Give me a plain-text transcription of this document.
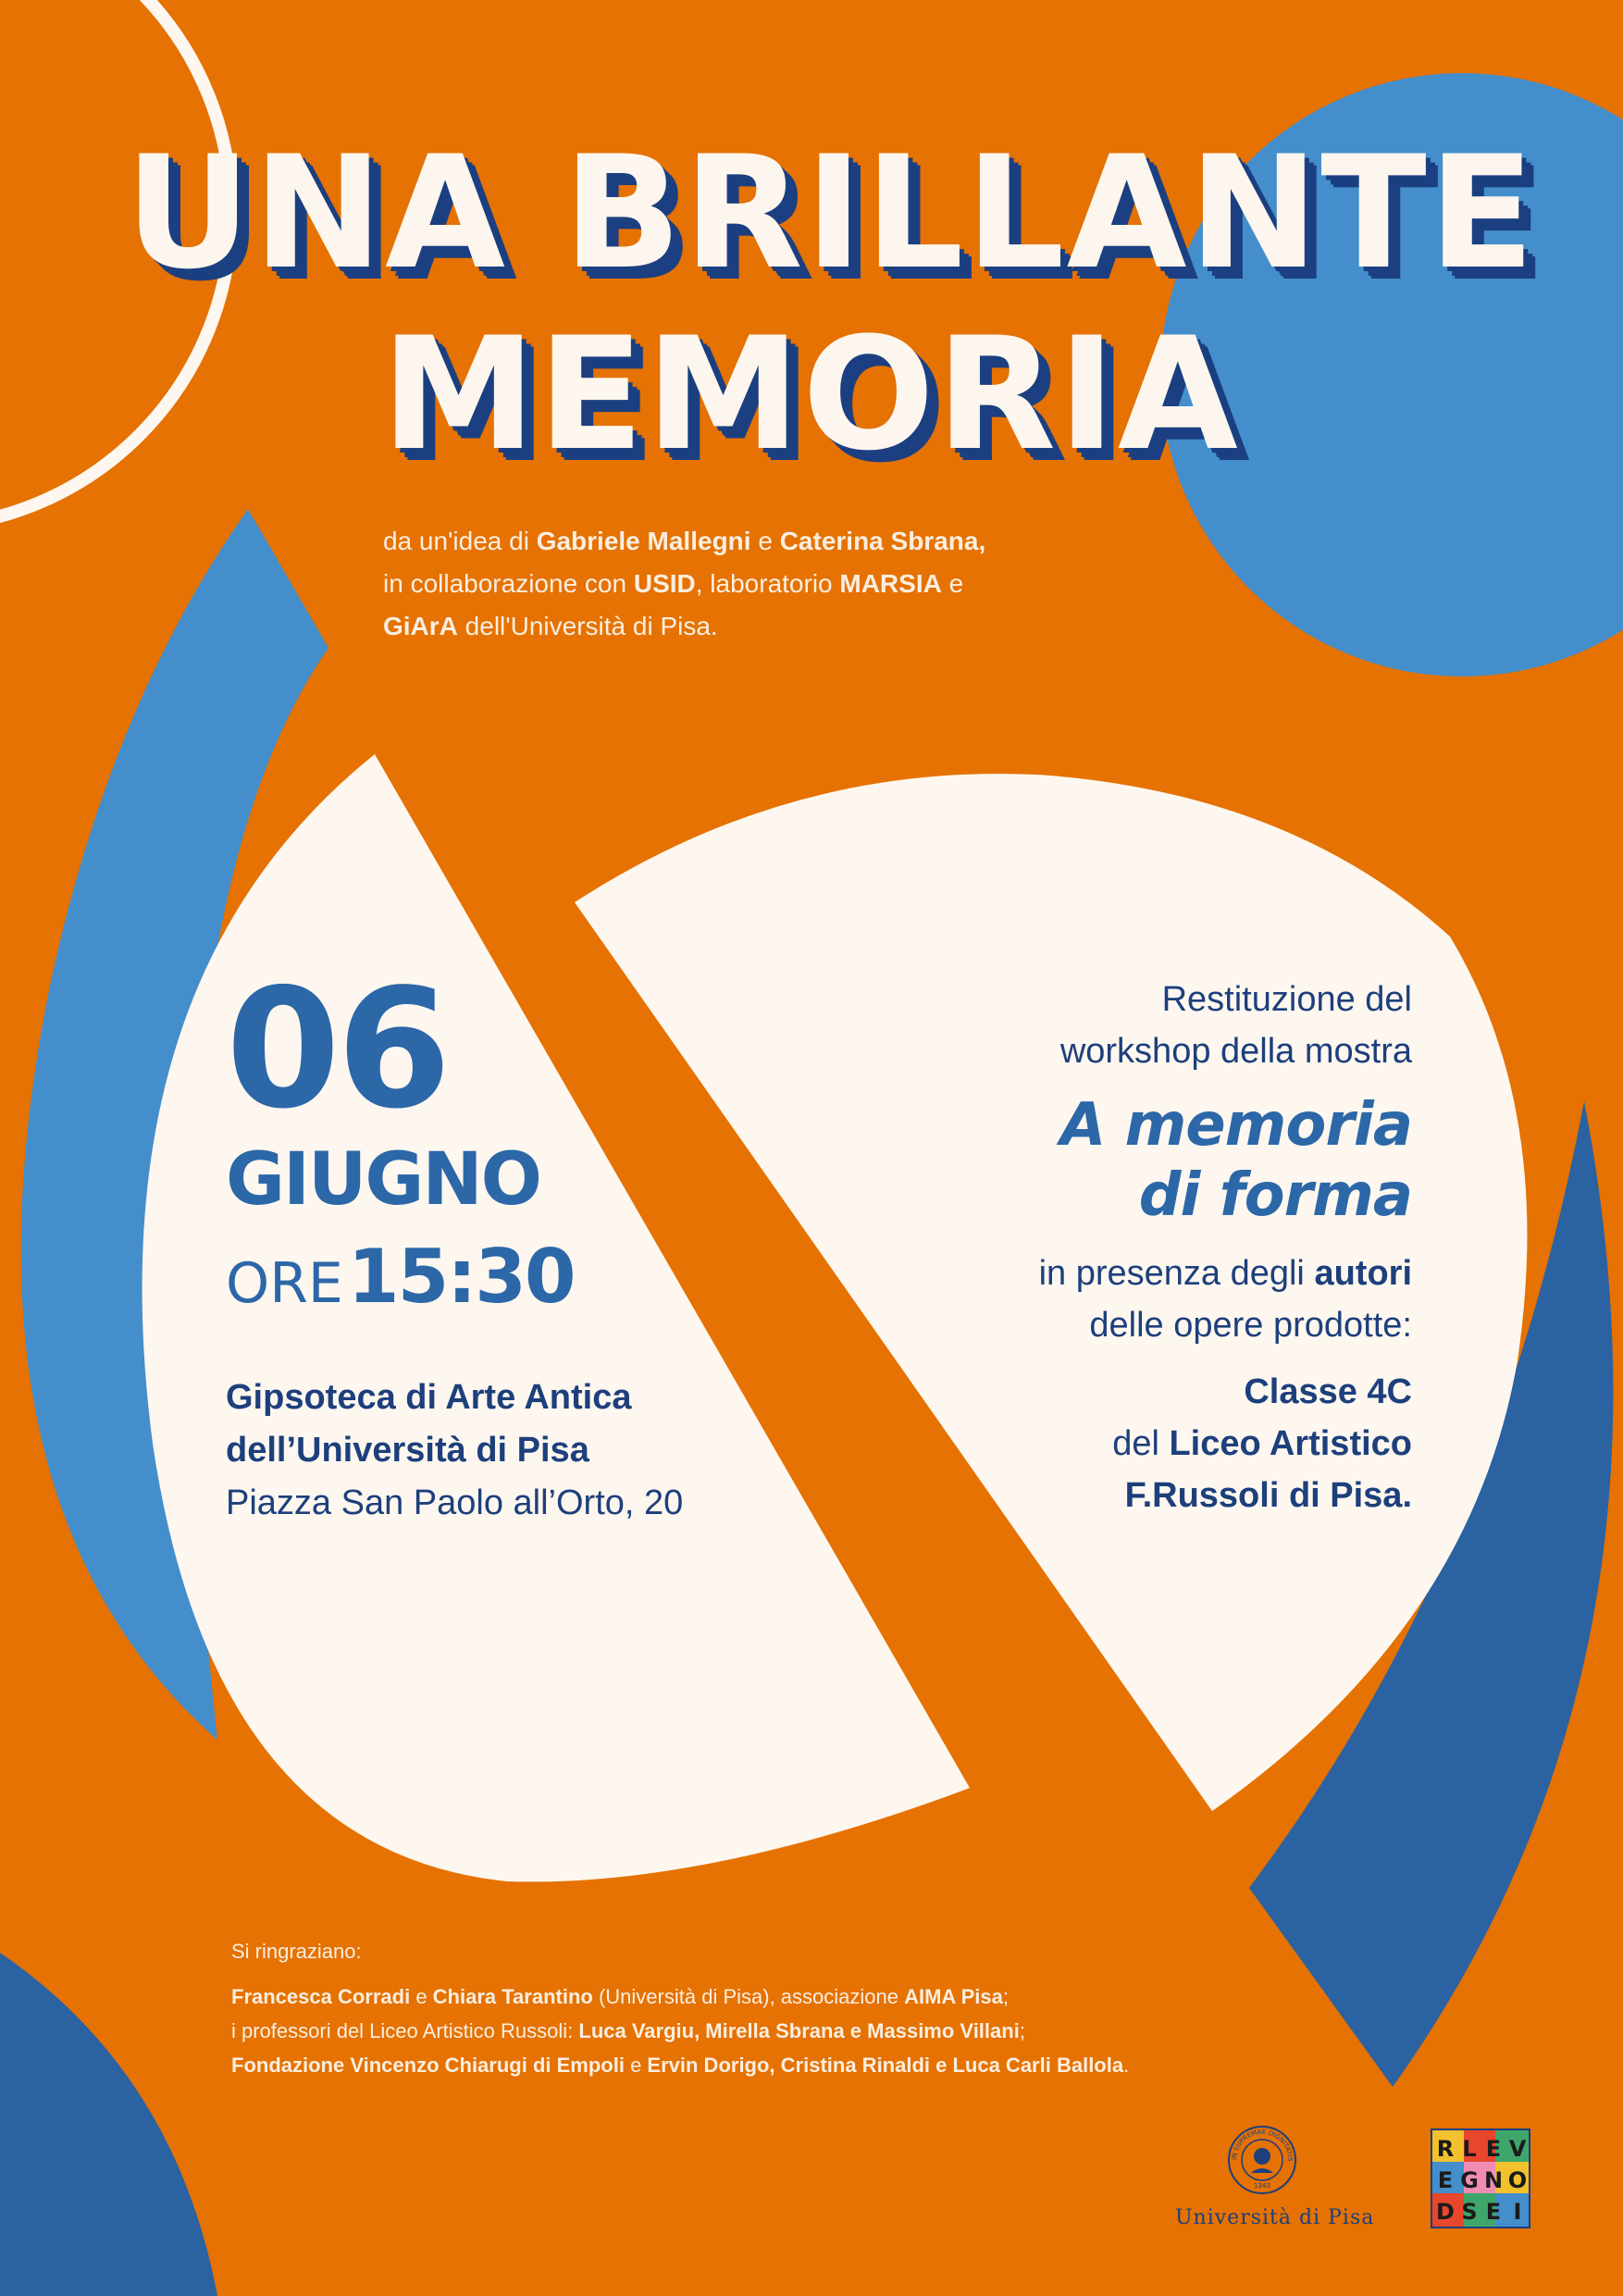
UNA BRILLANTE
MEMORIA
da un'idea di Gabriele Mallegni e Caterina Sbrana,
in collaborazione con USID, laboratorio MARSIA e
GiArA dell'Università di Pisa.
06
GIUGNO
ORE 15:30
Gipsoteca di Arte Antica
dell’Università di Pisa
Piazza San Paolo all’Orto, 20
Restituzione del
workshop della mostra
A memoria
di forma
in presenza degli autori
delle opere prodotte:
Classe 4C
del Liceo Artistico
F.Russoli di Pisa.
Si ringraziano:
Francesca Corradi e Chiara Tarantino (Università di Pisa), associazione AIMA Pisa;
i professori del Liceo Artistico Russoli: Luca Vargiu, Mirella Sbrana e Massimo Villani;
Fondazione Vincenzo Chiarugi di Empoli e Ervin Dorigo, Cristina Rinaldi e Luca Carli Ballola.
IN SUPREMAE DIGNITATIS
1343
Università di Pisa
R L E V
E G N O
D S E I
